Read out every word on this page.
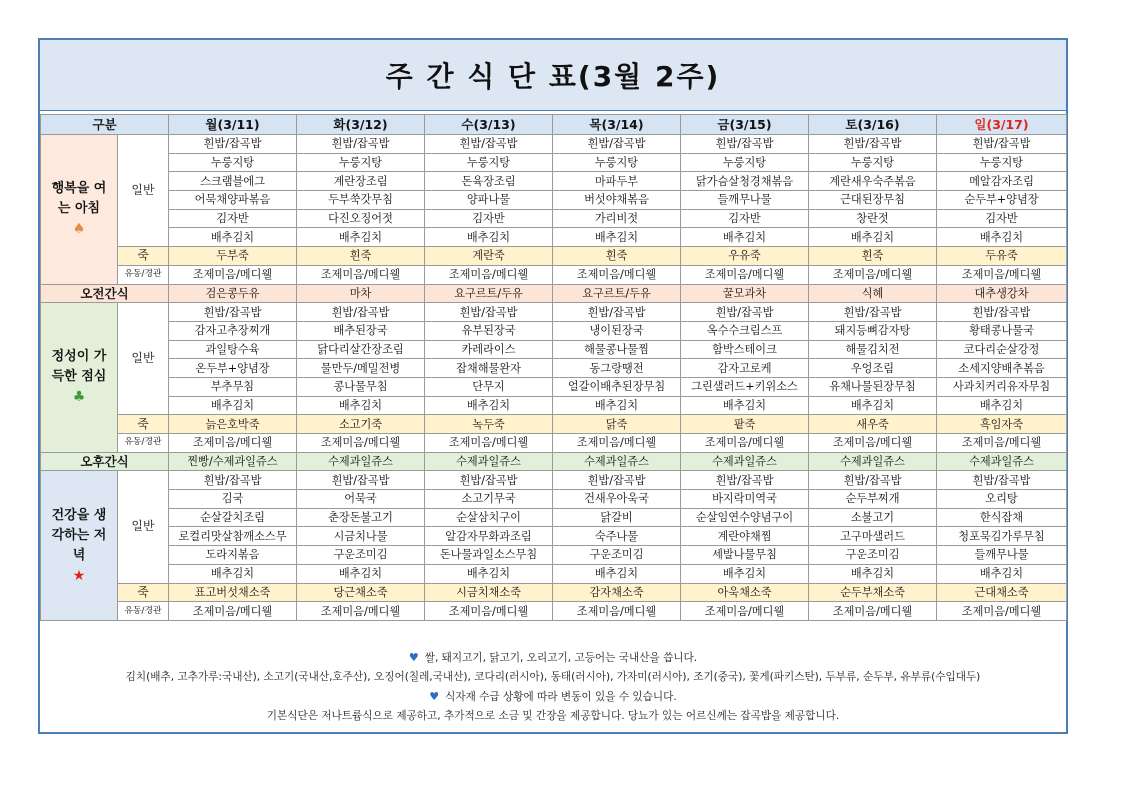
주 간 식 단 표(3월 2주)
구분		월(3/11)	화(3/12)	수(3/13)	목(3/14)	금(3/15)	토(3/16)	일(3/17)

행복을 여는 아침
♠	일반	흰밥/잡곡밥	흰밥/잡곡밥	흰밥/잡곡밥	흰밥/잡곡밥	흰밥/잡곡밥	흰밥/잡곡밥	흰밥/잡곡밥
		누룽지탕	누룽지탕	누룽지탕	누룽지탕	누룽지탕	누룽지탕	누룽지탕
		스크램블에그	계란장조림	돈육장조림	마파두부	닭가슴살청경채볶음	계란새우숙주볶음	메알감자조림
		어묵채양파볶음	두부쑥갓무침	양파나물	버섯야채볶음	들깨무나물	근대된장무침	순두부+양념장
		김자반	다진오징어젓	김자반	가리비젓	김자반	창란젓	김자반
		배추김치	배추김치	배추김치	배추김치	배추김치	배추김치	배추김치
	죽	두부죽	흰죽	계란죽	흰죽	우유죽	흰죽	두유죽
	유동/경관	조제미음/메디웰	조제미음/메디웰	조제미음/메디웰	조제미음/메디웰	조제미음/메디웰	조제미음/메디웰	조제미음/메디웰
오전간식		검은콩두유	마차	요구르트/두유	요구르트/두유	꿀모과차	식혜	대추생강차

정성이 가득한 점심
♣	일반	흰밥/잡곡밥	흰밥/잡곡밥	흰밥/잡곡밥	흰밥/잡곡밥	흰밥/잡곡밥	흰밥/잡곡밥	흰밥/잡곡밥
		감자고추장찌개	배추된장국	유부된장국	냉이된장국	옥수수크림스프	돼지등뼈감자탕	황태콩나물국
		과일탕수육	닭다리살간장조림	카레라이스	해물콩나물찜	함박스테이크	해물김치전	코다리순살강정
		온두부+양념장	물만두/메밀전병	잡채해물완자	동그랑땡전	감자고로케	우엉조림	소세지양배추볶음
		부추무침	콩나물무침	단무지	얼갈이배추된장무침	그린샐러드+키위소스	유채나물된장무침	사과치커리유자무침
		배추김치	배추김치	배추김치	배추김치	배추김치	배추김치	배추김치
	죽	늙은호박죽	소고기죽	녹두죽	닭죽	팥죽	새우죽	흑임자죽
	유동/경관	조제미음/메디웰	조제미음/메디웰	조제미음/메디웰	조제미음/메디웰	조제미음/메디웰	조제미음/메디웰	조제미음/메디웰
오후간식		찐빵/수제과일쥬스	수제과일쥬스	수제과일쥬스	수제과일쥬스	수제과일쥬스	수제과일쥬스	수제과일쥬스

건강을 생각하는 저녁
★	일반	흰밥/잡곡밥	흰밥/잡곡밥	흰밥/잡곡밥	흰밥/잡곡밥	흰밥/잡곡밥	흰밥/잡곡밥	흰밥/잡곡밥
		김국	어묵국	소고기무국	건새우아욱국	바지락미역국	순두부찌개	오리탕
		순살갈치조림	춘장돈불고기	순살삼치구이	닭갈비	순살임연수양념구이	소불고기	한식잡채
		로컬리맛살참깨소스무	시금치나물	알감자무화과조림	숙주나물	계란야채찜	고구마샐러드	청포묵김가루무침
		도라지볶음	구운조미김	돈나물과일소스무침	구운조미김	세발나물무침	구운조미김	들깨무나물
		배추김치	배추김치	배추김치	배추김치	배추김치	배추김치	배추김치
	죽	표고버섯채소죽	당근채소죽	시금치채소죽	감자채소죽	아욱채소죽	순두부채소죽	근대채소죽
	유동/경관	조제미음/메디웰	조제미음/메디웰	조제미음/메디웰	조제미음/메디웰	조제미음/메디웰	조제미음/메디웰	조제미음/메디웰

♥ 쌀, 돼지고기, 닭고기, 오리고기, 고등어는 국내산을 씁니다.

김치(배추, 고추가루:국내산), 소고기(국내산,호주산), 오징어(칠레,국내산), 코다리(러시아), 동태(러시아), 가자미(러시아), 조기(중국), 꽃게(파키스탄), 두부류, 순두부, 유부류(수입대두)

♥ 식자재 수급 상황에 따라 변동이 있을 수 있습니다.

기본식단은 저나트륨식으로 제공하고, 추가적으로 소금 및 간장을 제공합니다. 당뇨가 있는 어르신께는 잡곡밥을 제공합니다.
